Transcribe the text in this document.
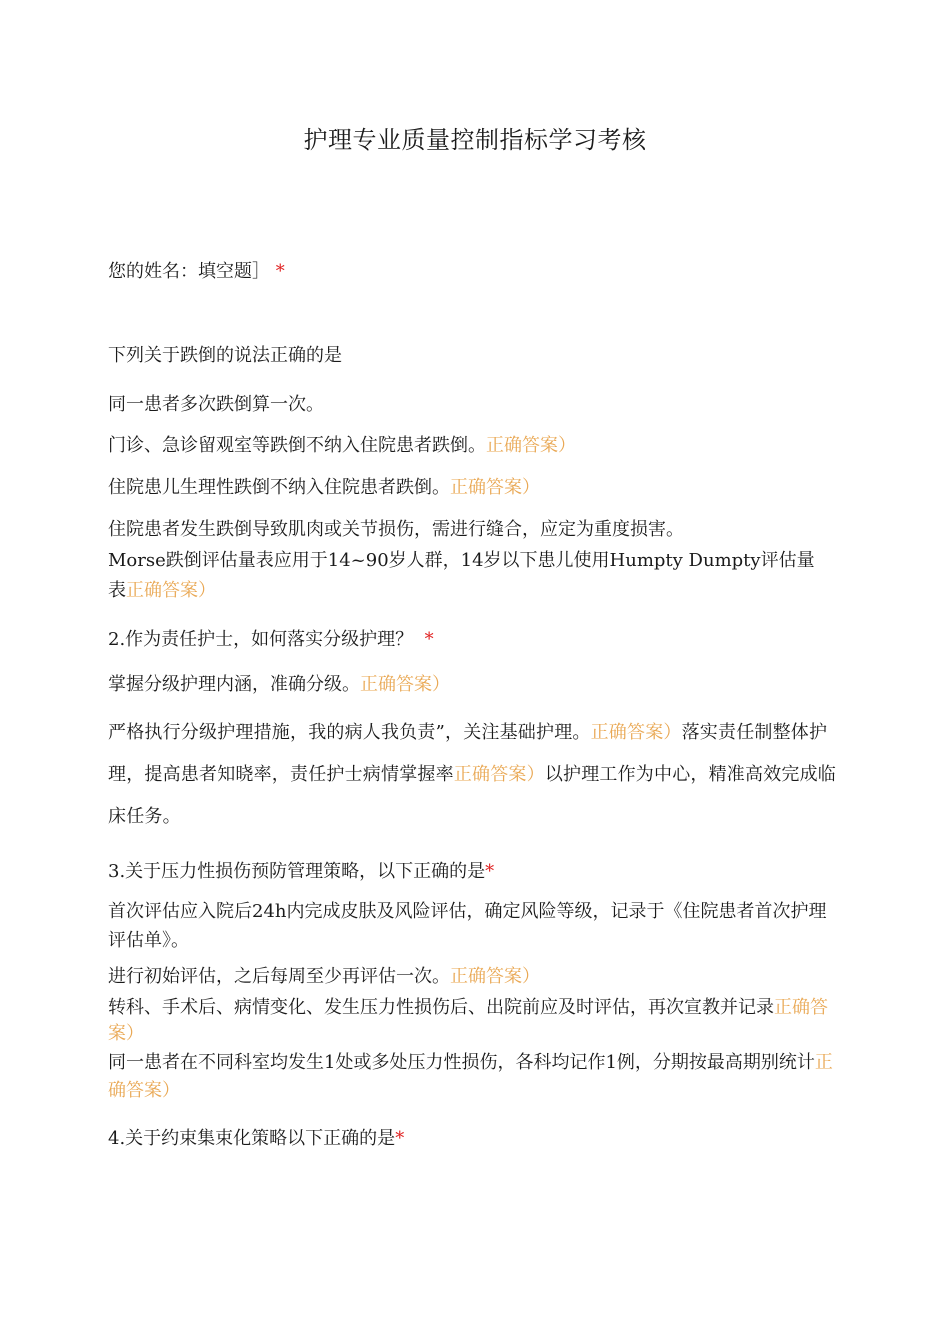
护理专业质量控制指标学习考核
您的姓名：填空题］ *
下列关于跌倒的说法正确的是
同一患者多次跌倒算一次。
门诊、急诊留观室等跌倒不纳入住院患者跌倒。正确答案）
住院患儿生理性跌倒不纳入住院患者跌倒。正确答案）
住院患者发生跌倒导致肌肉或关节损伤，需进行缝合，应定为重度损害。
Morse跌倒评估量表应用于14~90岁人群，14岁以下患儿使用Humpty Dumpty评估量
表正确答案）
2.作为责任护士，如何落实分级护理？ *
掌握分级护理内涵，准确分级。正确答案）
严格执行分级护理措施，我的病人我负责”，关注基础护理。正确答案）落实责任制整体护理，提高患者知晓率，责任护士病情掌握率正确答案）以护理工作为中心，精准高效完成临床任务。
3.关于压力性损伤预防管理策略，以下正确的是*
首次评估应入院后24h内完成皮肤及风险评估，确定风险等级，记录于《住院患者首次护理评估单》。
进行初始评估，之后每周至少再评估一次。正确答案）
转科、手术后、病情变化、发生压力性损伤后、出院前应及时评估，再次宣教并记录正确答案）
同一患者在不同科室均发生1处或多处压力性损伤，各科均记作1例，分期按最高期别统计正确答案）
4.关于约束集束化策略以下正确的是*
